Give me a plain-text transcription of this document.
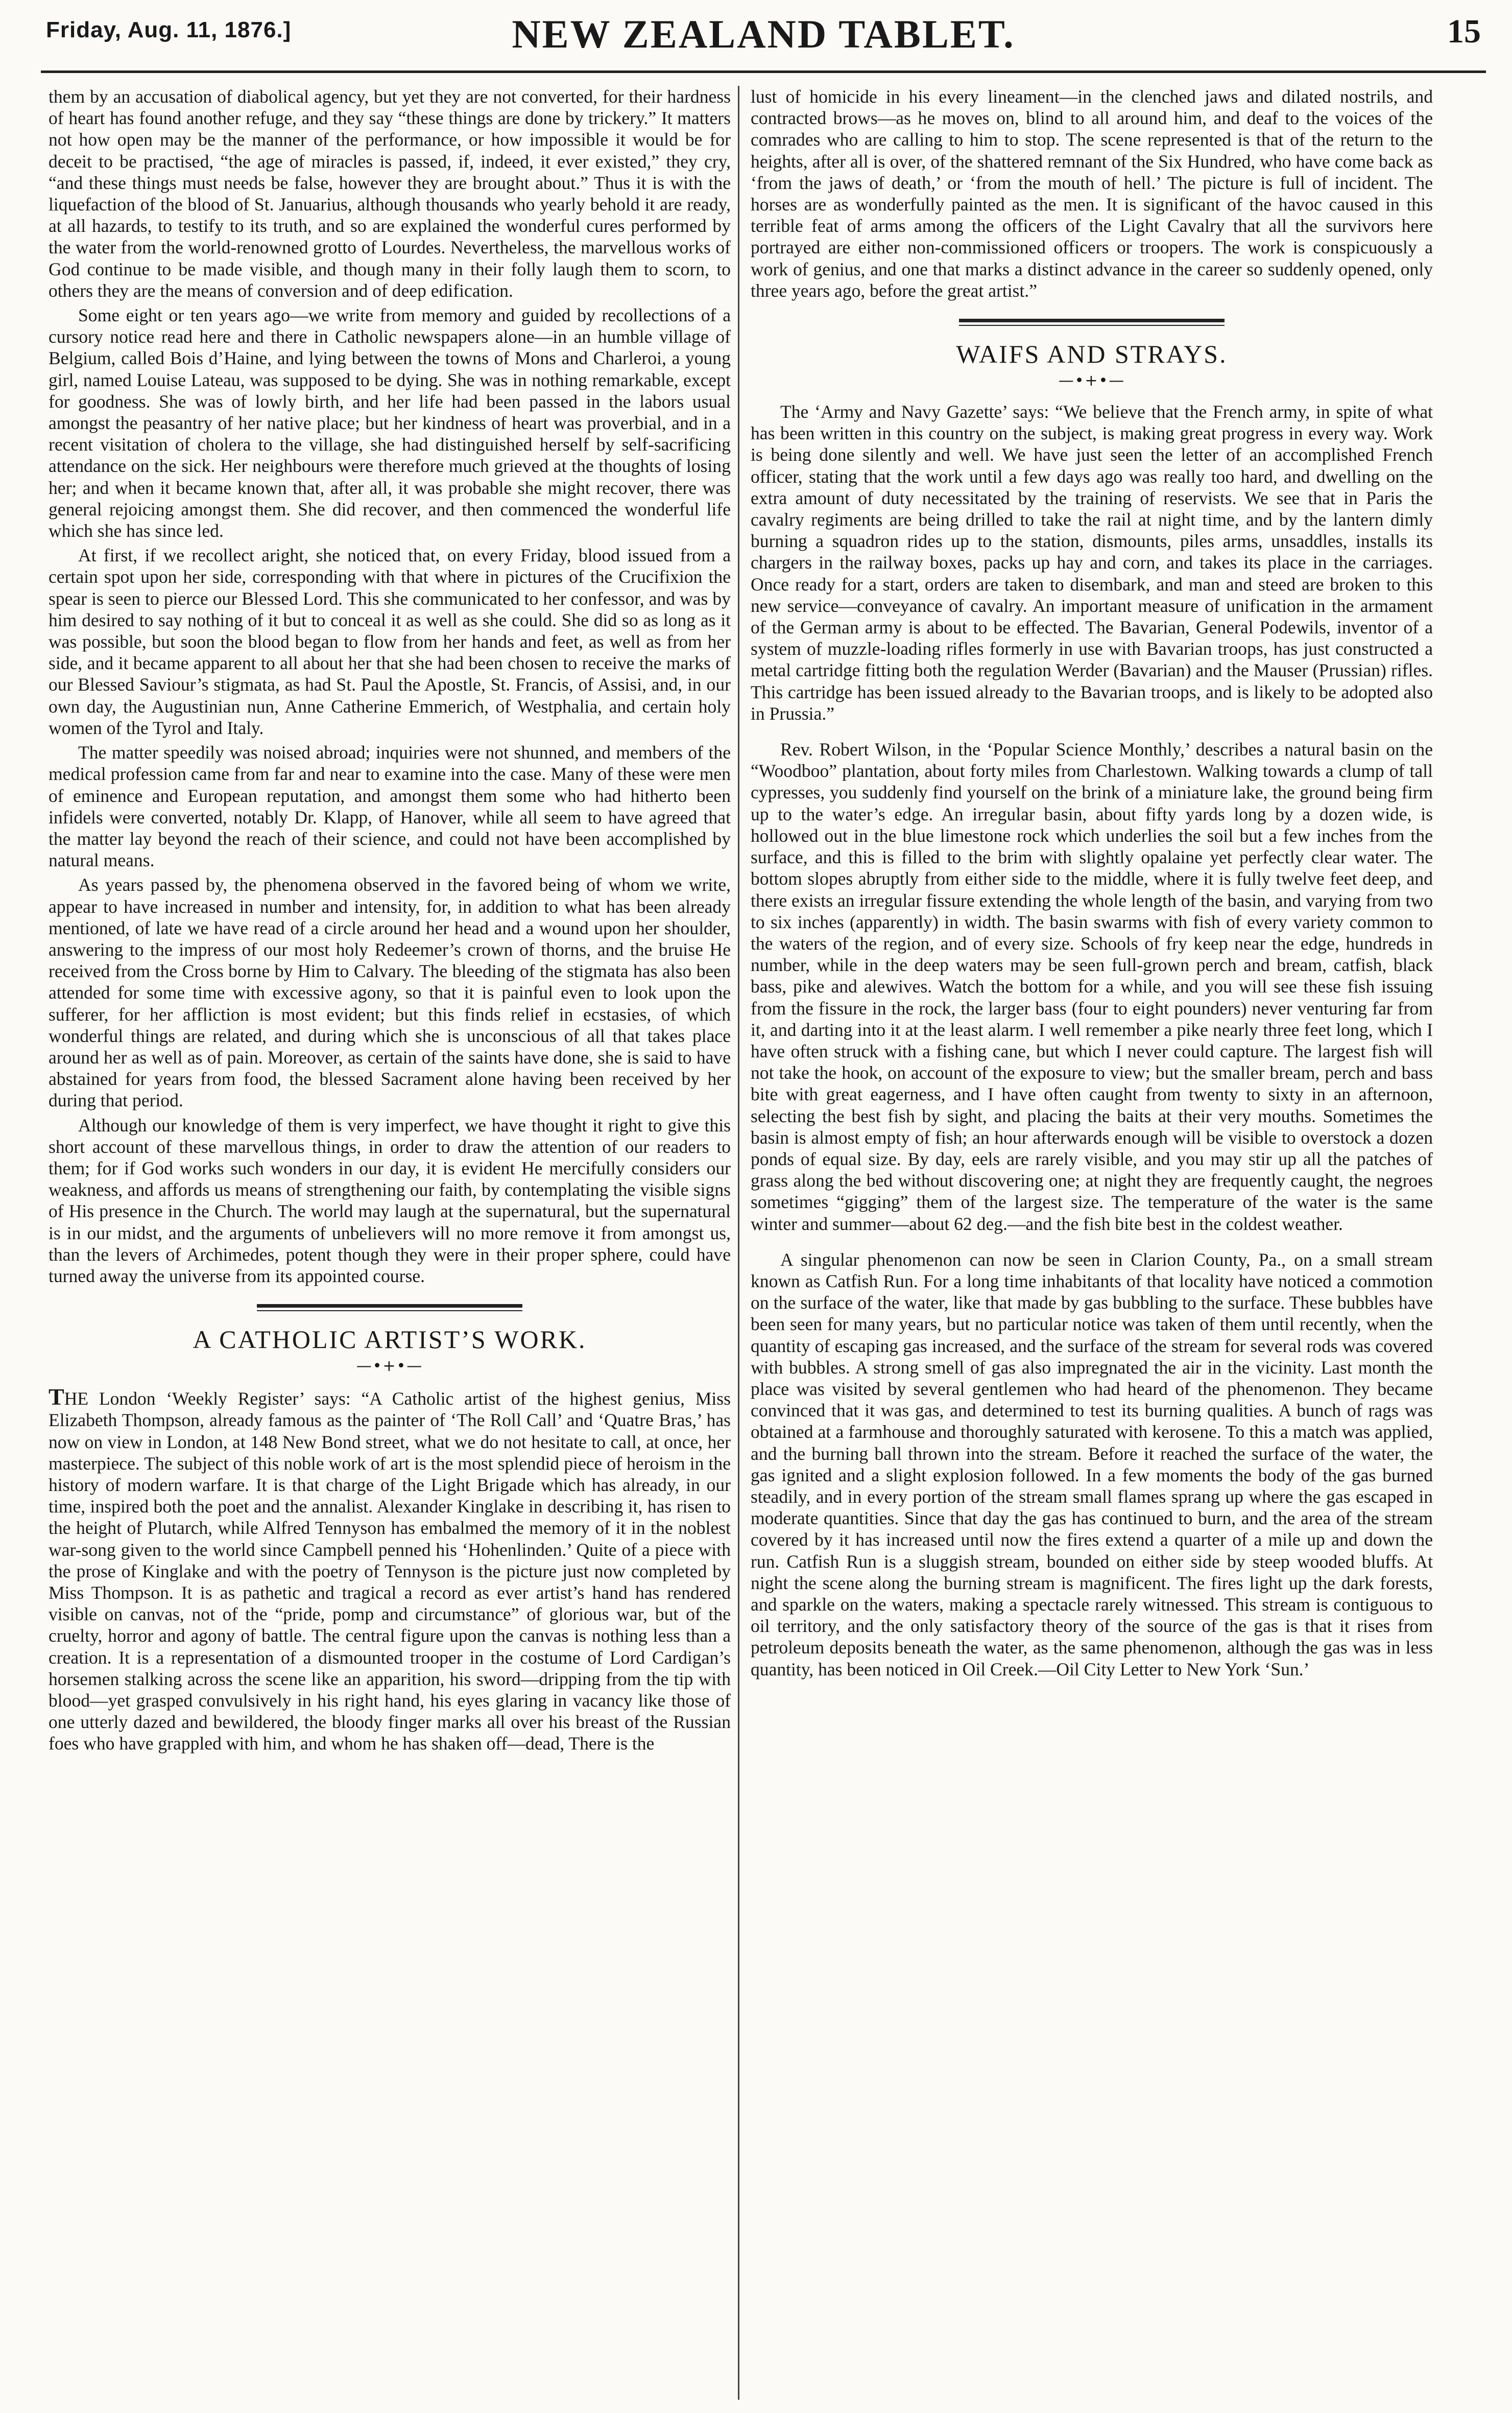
Friday, Aug. 11, 1876.]	NEW ZEALAND TABLET.	15

them by an accusation of diabolical agency, but yet they are not converted, for their hardness of heart has found another refuge, and they say “these things are done by trickery.” It matters not how open may be the manner of the performance, or how impossible it would be for deceit to be practised, “the age of miracles is passed, if, indeed, it ever existed,” they cry, “and these things must needs be false, however they are brought about.” Thus it is with the liquefaction of the blood of St. Januarius, although thousands who yearly behold it are ready, at all hazards, to testify to its truth, and so are explained the wonderful cures performed by the water from the world-renowned grotto of Lourdes. Nevertheless, the marvellous works of God continue to be made visible, and though many in their folly laugh them to scorn, to others they are the means of conversion and of deep edification.

Some eight or ten years ago—we write from memory and guided by recollections of a cursory notice read here and there in Catholic newspapers alone—in an humble village of Belgium, called Bois d’Haine, and lying between the towns of Mons and Charleroi, a young girl, named Louise Lateau, was supposed to be dying. She was in nothing remarkable, except for goodness. She was of lowly birth, and her life had been passed in the labors usual amongst the peasantry of her native place; but her kindness of heart was proverbial, and in a recent visitation of cholera to the village, she had distinguished herself by self-sacrificing attendance on the sick. Her neighbours were therefore much grieved at the thoughts of losing her; and when it became known that, after all, it was probable she might recover, there was general rejoicing amongst them. She did recover, and then commenced the wonderful life which she has since led.

At first, if we recollect aright, she noticed that, on every Friday, blood issued from a certain spot upon her side, corresponding with that where in pictures of the Crucifixion the spear is seen to pierce our Blessed Lord. This she communicated to her confessor, and was by him desired to say nothing of it but to conceal it as well as she could. She did so as long as it was possible, but soon the blood began to flow from her hands and feet, as well as from her side, and it became apparent to all about her that she had been chosen to receive the marks of our Blessed Saviour’s stigmata, as had St. Paul the Apostle, St. Francis, of Assisi, and, in our own day, the Augustinian nun, Anne Catherine Emmerich, of Westphalia, and certain holy women of the Tyrol and Italy.

The matter speedily was noised abroad; inquiries were not shunned, and members of the medical profession came from far and near to examine into the case. Many of these were men of eminence and European reputation, and amongst them some who had hitherto been infidels were converted, notably Dr. Klapp, of Hanover, while all seem to have agreed that the matter lay beyond the reach of their science, and could not have been accomplished by natural means.

As years passed by, the phenomena observed in the favored being of whom we write, appear to have increased in number and intensity, for, in addition to what has been already mentioned, of late we have read of a circle around her head and a wound upon her shoulder, answering to the impress of our most holy Redeemer’s crown of thorns, and the bruise He received from the Cross borne by Him to Calvary. The bleeding of the stigmata has also been attended for some time with excessive agony, so that it is painful even to look upon the sufferer, for her affliction is most evident; but this finds relief in ecstasies, of which wonderful things are related, and during which she is unconscious of all that takes place around her as well as of pain. Moreover, as certain of the saints have done, she is said to have abstained for years from food, the blessed Sacrament alone having been received by her during that period.

Although our knowledge of them is very imperfect, we have thought it right to give this short account of these marvellous things, in order to draw the attention of our readers to them; for if God works such wonders in our day, it is evident He mercifully considers our weakness, and affords us means of strengthening our faith, by contemplating the visible signs of His presence in the Church. The world may laugh at the supernatural, but the supernatural is in our midst, and the arguments of unbelievers will no more remove it from amongst us, than the levers of Archimedes, potent though they were in their proper sphere, could have turned away the universe from its appointed course.

A CATHOLIC ARTIST’S WORK.
—•+•—

THE London ‘Weekly Register’ says: “A Catholic artist of the highest genius, Miss Elizabeth Thompson, already famous as the painter of ‘The Roll Call’ and ‘Quatre Bras,’ has now on view in London, at 148 New Bond street, what we do not hesitate to call, at once, her masterpiece. The subject of this noble work of art is the most splendid piece of heroism in the history of modern warfare. It is that charge of the Light Brigade which has already, in our time, inspired both the poet and the annalist. Alexander Kinglake in describing it, has risen to the height of Plutarch, while Alfred Tennyson has embalmed the memory of it in the noblest war-song given to the world since Campbell penned his ‘Hohenlinden.’ Quite of a piece with the prose of Kinglake and with the poetry of Tennyson is the picture just now completed by Miss Thompson. It is as pathetic and tragical a record as ever artist’s hand has rendered visible on canvas, not of the “pride, pomp and circumstance” of glorious war, but of the cruelty, horror and agony of battle. The central figure upon the canvas is nothing less than a creation. It is a representation of a dismounted trooper in the costume of Lord Cardigan’s horsemen stalking across the scene like an apparition, his sword—dripping from the tip with blood—yet grasped convulsively in his right hand, his eyes glaring in vacancy like those of one utterly dazed and bewildered, the bloody finger marks all over his breast of the Russian foes who have grappled with him, and whom he has shaken off—dead, There is the

lust of homicide in his every lineament—in the clenched jaws and dilated nostrils, and contracted brows—as he moves on, blind to all around him, and deaf to the voices of the comrades who are calling to him to stop. The scene represented is that of the return to the heights, after all is over, of the shattered remnant of the Six Hundred, who have come back as ‘from the jaws of death,’ or ‘from the mouth of hell.’ The picture is full of incident. The horses are as wonderfully painted as the men. It is significant of the havoc caused in this terrible feat of arms among the officers of the Light Cavalry that all the survivors here portrayed are either non-commissioned officers or troopers. The work is conspicuously a work of genius, and one that marks a distinct advance in the career so suddenly opened, only three years ago, before the great artist.”

WAIFS AND STRAYS.
—•+•—

The ‘Army and Navy Gazette’ says: “We believe that the French army, in spite of what has been written in this country on the subject, is making great progress in every way. Work is being done silently and well. We have just seen the letter of an accomplished French officer, stating that the work until a few days ago was really too hard, and dwelling on the extra amount of duty necessitated by the training of reservists. We see that in Paris the cavalry regiments are being drilled to take the rail at night time, and by the lantern dimly burning a squadron rides up to the station, dismounts, piles arms, unsaddles, installs its chargers in the railway boxes, packs up hay and corn, and takes its place in the carriages. Once ready for a start, orders are taken to disembark, and man and steed are broken to this new service—conveyance of cavalry. An important measure of unification in the armament of the German army is about to be effected. The Bavarian, General Podewils, inventor of a system of muzzle-loading rifles formerly in use with Bavarian troops, has just constructed a metal cartridge fitting both the regulation Werder (Bavarian) and the Mauser (Prussian) rifles. This cartridge has been issued already to the Bavarian troops, and is likely to be adopted also in Prussia.”

Rev. Robert Wilson, in the ‘Popular Science Monthly,’ describes a natural basin on the “Woodboo” plantation, about forty miles from Charlestown. Walking towards a clump of tall cypresses, you suddenly find yourself on the brink of a miniature lake, the ground being firm up to the water’s edge. An irregular basin, about fifty yards long by a dozen wide, is hollowed out in the blue limestone rock which underlies the soil but a few inches from the surface, and this is filled to the brim with slightly opalaine yet perfectly clear water. The bottom slopes abruptly from either side to the middle, where it is fully twelve feet deep, and there exists an irregular fissure extending the whole length of the basin, and varying from two to six inches (apparently) in width. The basin swarms with fish of every variety common to the waters of the region, and of every size. Schools of fry keep near the edge, hundreds in number, while in the deep waters may be seen full-grown perch and bream, catfish, black bass, pike and alewives. Watch the bottom for a while, and you will see these fish issuing from the fissure in the rock, the larger bass (four to eight pounders) never venturing far from it, and darting into it at the least alarm. I well remember a pike nearly three feet long, which I have often struck with a fishing cane, but which I never could capture. The largest fish will not take the hook, on account of the exposure to view; but the smaller bream, perch and bass bite with great eagerness, and I have often caught from twenty to sixty in an afternoon, selecting the best fish by sight, and placing the baits at their very mouths. Sometimes the basin is almost empty of fish; an hour afterwards enough will be visible to overstock a dozen ponds of equal size. By day, eels are rarely visible, and you may stir up all the patches of grass along the bed without discovering one; at night they are frequently caught, the negroes sometimes “gigging” them of the largest size. The temperature of the water is the same winter and summer—about 62 deg.—and the fish bite best in the coldest weather.

A singular phenomenon can now be seen in Clarion County, Pa., on a small stream known as Catfish Run. For a long time inhabitants of that locality have noticed a commotion on the surface of the water, like that made by gas bubbling to the surface. These bubbles have been seen for many years, but no particular notice was taken of them until recently, when the quantity of escaping gas increased, and the surface of the stream for several rods was covered with bubbles. A strong smell of gas also impregnated the air in the vicinity. Last month the place was visited by several gentlemen who had heard of the phenomenon. They became convinced that it was gas, and determined to test its burning qualities. A bunch of rags was obtained at a farmhouse and thoroughly saturated with kerosene. To this a match was applied, and the burning ball thrown into the stream. Before it reached the surface of the water, the gas ignited and a slight explosion followed. In a few moments the body of the gas burned steadily, and in every portion of the stream small flames sprang up where the gas escaped in moderate quantities. Since that day the gas has continued to burn, and the area of the stream covered by it has increased until now the fires extend a quarter of a mile up and down the run. Catfish Run is a sluggish stream, bounded on either side by steep wooded bluffs. At night the scene along the burning stream is magnificent. The fires light up the dark forests, and sparkle on the waters, making a spectacle rarely witnessed. This stream is contiguous to oil territory, and the only satisfactory theory of the source of the gas is that it rises from petroleum deposits beneath the water, as the same phenomenon, although the gas was in less quantity, has been noticed in Oil Creek.—Oil City Letter to New York ‘Sun.’
